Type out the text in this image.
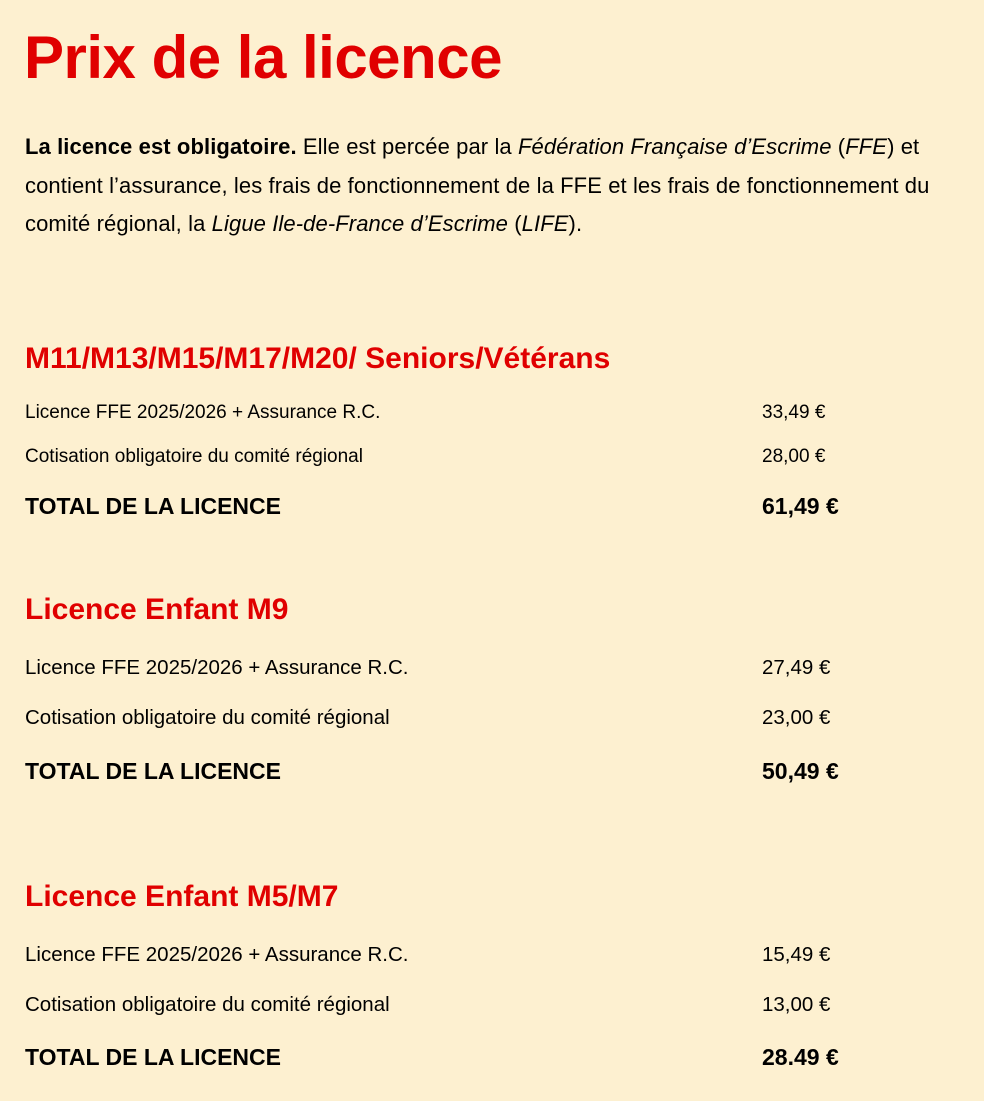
Prix de la licence

La licence est obligatoire. Elle est percée par la Fédération Française d’Escrime (FFE) et contient l’assurance, les frais de fonctionnement de la FFE et les frais de fonctionnement du comité régional, la Ligue Ile-de-France d’Escrime (LIFE).

M11/M13/M15/M17/M20/ Seniors/Vétérans
Licence FFE 2025/2026 + Assurance R.C.	33,49 €
Cotisation obligatoire du comité régional	28,00 €
TOTAL DE LA LICENCE	61,49 €
Licence Enfant M9
Licence FFE 2025/2026 + Assurance R.C.	27,49 €
Cotisation obligatoire du comité régional	23,00 €
TOTAL DE LA LICENCE	50,49 €
Licence Enfant M5/M7
Licence FFE 2025/2026 + Assurance R.C.	15,49 €
Cotisation obligatoire du comité régional	13,00 €
TOTAL DE LA LICENCE	28.49 €
